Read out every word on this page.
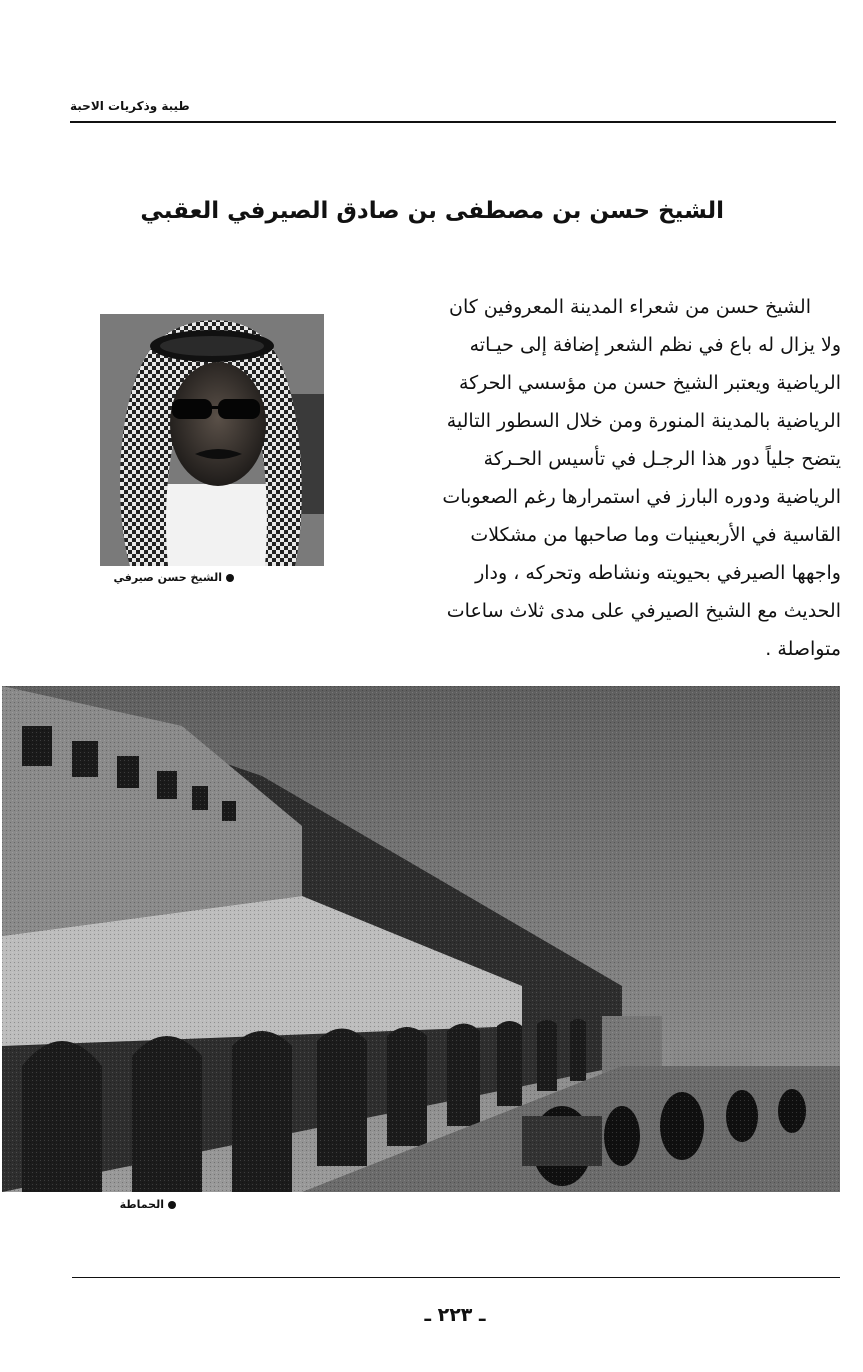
طيبة وذكريات الاحبة
الشيخ حسن بن مصطفى بن صادق الصيرفي العقبي
الشيخ حسن من شعراء المدينة المعروفين كان
ولا يزال له باع في نظم الشعر إضافة إلى حيـاته
الرياضية ويعتبر الشيخ حسن من مؤسسي الحركة
الرياضية بالمدينة المنورة ومن خلال السطور التالية
يتضح جلياً دور هذا الرجـل في تأسيس الحـركة
الرياضية ودوره البارز في استمرارها رغم الصعوبات
القاسية في الأربعينيات وما صاحبها من مشكلات
واجهها الصيرفي بحيويته ونشاطه وتحركه ، ودار
الحديث مع الشيخ الصيرفي على مدى ثلاث ساعات
متواصلة .
الشيخ حسن صيرفي
الحماطة
ـ ٢٢٣ ـ
